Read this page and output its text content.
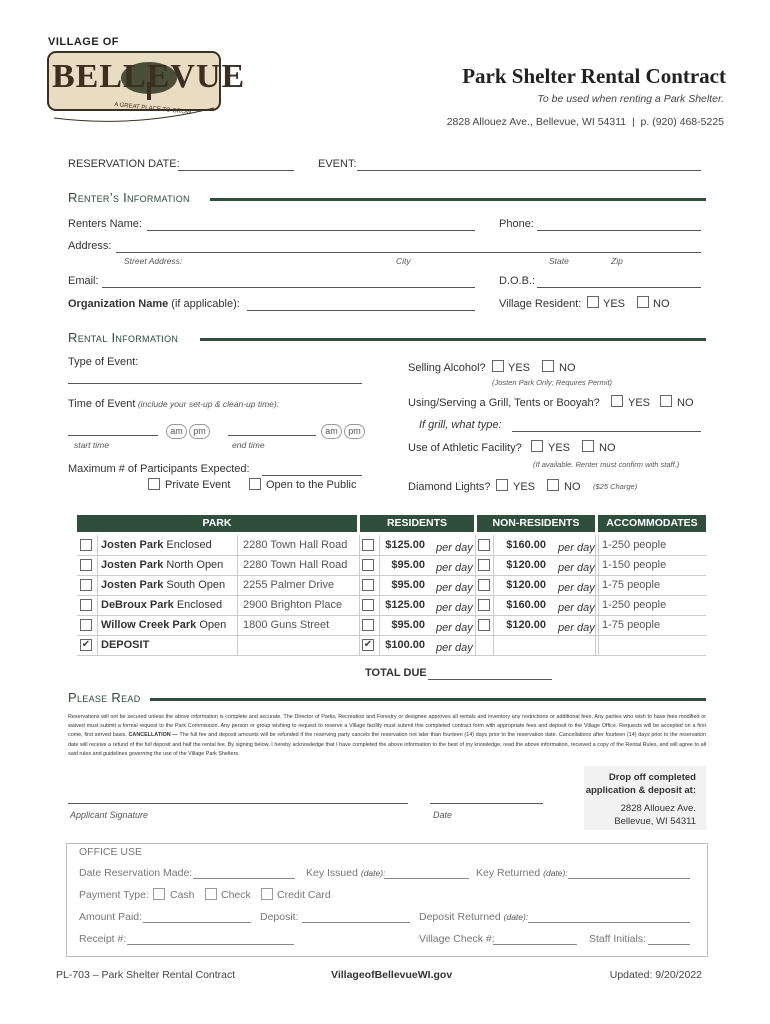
VILLAGE OF
BELLEVUE
A GREAT PLACE TO GROW
Park Shelter Rental Contract
To be used when renting a Park Shelter.
2828 Allouez Ave., Bellevue, WI 54311  |  p. (920) 468-5225
RESERVATION DATE:	EVENT:
Renter’s Information
Renters Name:	Phone:
Address:
Street Address:	City	State	Zip
Email:	D.O.B.:
Organization Name (if applicable):	Village Resident: YES	NO
Rental Information
Type of Event:	Selling Alcohol? YES	NO
(Josten Park Only; Requires Permit)
Time of Event (include your set-up & clean-up time):	Using/Serving a Grill, Tents or Booyah?	YES NO
If grill, what type:
am	pm	am	pm
start time	end time	Use of Athletic Facility? YES	NO
(If available. Renter must confirm with staff.)
Maximum # of Participants Expected:
Private Event	Open to the Public	Diamond Lights? YES	NO ($25 Charge)
PARK	RESIDENTS	NON-RESIDENTS	ACCOMMODATES
Josten Park Enclosed	2280 Town Hall Road	$125.00 per day	$160.00 per day 1-250 people
Josten Park North Open 2280 Town Hall Road	$95.00 per day	$120.00 per day 1-150 people
Josten Park South Open 2255 Palmer Drive	$95.00 per day	$120.00 per day 1-75 people
DeBroux Park Enclosed 2900 Brighton Place	$125.00 per day	$160.00 per day 1-250 people
Willow Creek Park Open 1800 Guns Street	$95.00 per day	$120.00 per day 1-75 people
✔ DEPOSIT	✔	$100.00 per day
TOTAL DUE
Please Read
Reservations will not be secured unless the above information is complete and accurate. The Director of Parks, Recreation and Forestry or designee approves all rentals and inventory any restrictions or additional fees. Any parties who wish to have fees modified or waived must submit a formal request to the Park Commission. Any person or group wishing to request to reserve a Village facility must submit this completed contract form with appropriate fees and deposit to the Village Office. Requests will be accepted on a first come, first served basis. CANCELLATION — The full fee and deposit amounts will be refunded if the reserving party cancels the reservation not later than fourteen (14) days prior to the reservation date. Cancellations after fourteen (14) days prior to the reservation date will receive a refund of the full deposit and half the rental fee. By signing below, I hereby acknowledge that I have completed the above information to the best of my knowledge, read the above information, received a copy of the Rental Rules, and will agree to all said rules and guidelines governing the use of the Village Park Shelters.
Applicant Signature	Date
Drop off completed application & deposit at:
2828 Allouez Ave.
Bellevue, WI 54311
OFFICE USE
Date Reservation Made:	Key Issued (date):	Key Returned (date):
Payment Type: Cash	Check Credit Card
Amount Paid:	Deposit:	Deposit Returned (date):
Receipt #:	Village Check #:	Staff Initials:
PL-703 – Park Shelter Rental Contract	VillageofBellevueWI.gov	Updated: 9/20/2022
